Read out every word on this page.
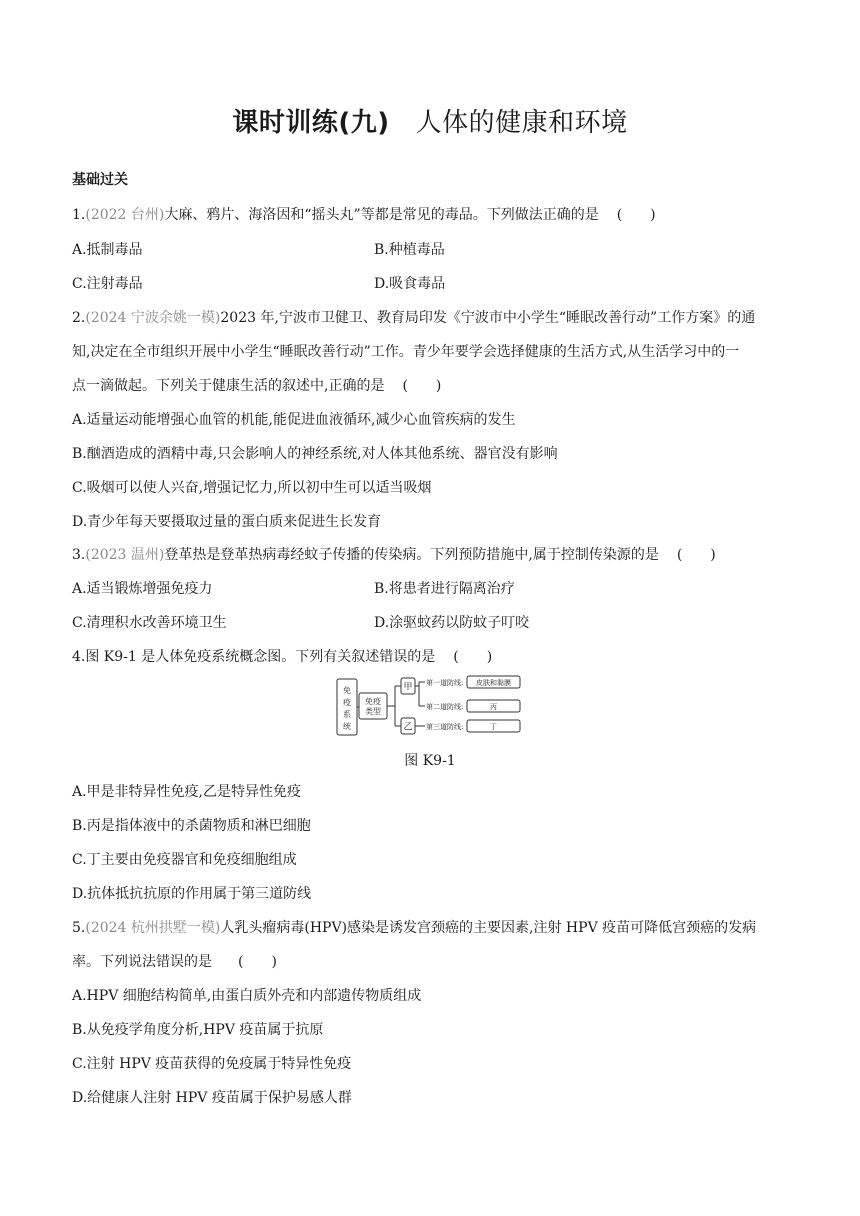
课时训练(九) 人体的健康和环境
基础过关
1.(2022 台州)大麻、鸦片、海洛因和“摇头丸”等都是常见的毒品。下列做法正确的是 (　　)
A.抵制毒品	B.种植毒品
C.注射毒品	D.吸食毒品
2.(2024 宁波余姚一模)2023 年,宁波市卫健卫、教育局印发《宁波市中小学生“睡眠改善行动”工作方案》的通
知,决定在全市组织开展中小学生“睡眠改善行动”工作。青少年要学会选择健康的生活方式,从生活学习中的一
点一滴做起。下列关于健康生活的叙述中,正确的是 (　　)
A.适量运动能增强心血管的机能,能促进血液循环,减少心血管疾病的发生
B.酗酒造成的酒精中毒,只会影响人的神经系统,对人体其他系统、器官没有影响
C.吸烟可以使人兴奋,增强记忆力,所以初中生可以适当吸烟
D.青少年每天要摄取过量的蛋白质来促进生长发育
3.(2023 温州)登革热是登革热病毒经蚊子传播的传染病。下列预防措施中,属于控制传染源的是 (　　)
A.适当锻炼增强免疫力	B.将患者进行隔离治疗
C.清理积水改善环境卫生	D.涂驱蚊药以防蚊子叮咬
4.图 K9-1 是人体免疫系统概念图。下列有关叙述错误的是 (　　)
免
疫
系
统
免疫
类型
甲
乙
第一道防线:
第二道防线:
第三道防线:
皮肤和黏膜
丙
丁
图 K9-1
A.甲是非特异性免疫,乙是特异性免疫
B.丙是指体液中的杀菌物质和淋巴细胞
C.丁主要由免疫器官和免疫细胞组成
D.抗体抵抗抗原的作用属于第三道防线
5.(2024 杭州拱墅一模)人乳头瘤病毒(HPV)感染是诱发宫颈癌的主要因素,注射 HPV 疫苗可降低宫颈癌的发病
率。下列说法错误的是 (　　)
A.HPV 细胞结构简单,由蛋白质外壳和内部遗传物质组成
B.从免疫学角度分析,HPV 疫苗属于抗原
C.注射 HPV 疫苗获得的免疫属于特异性免疫
D.给健康人注射 HPV 疫苗属于保护易感人群
